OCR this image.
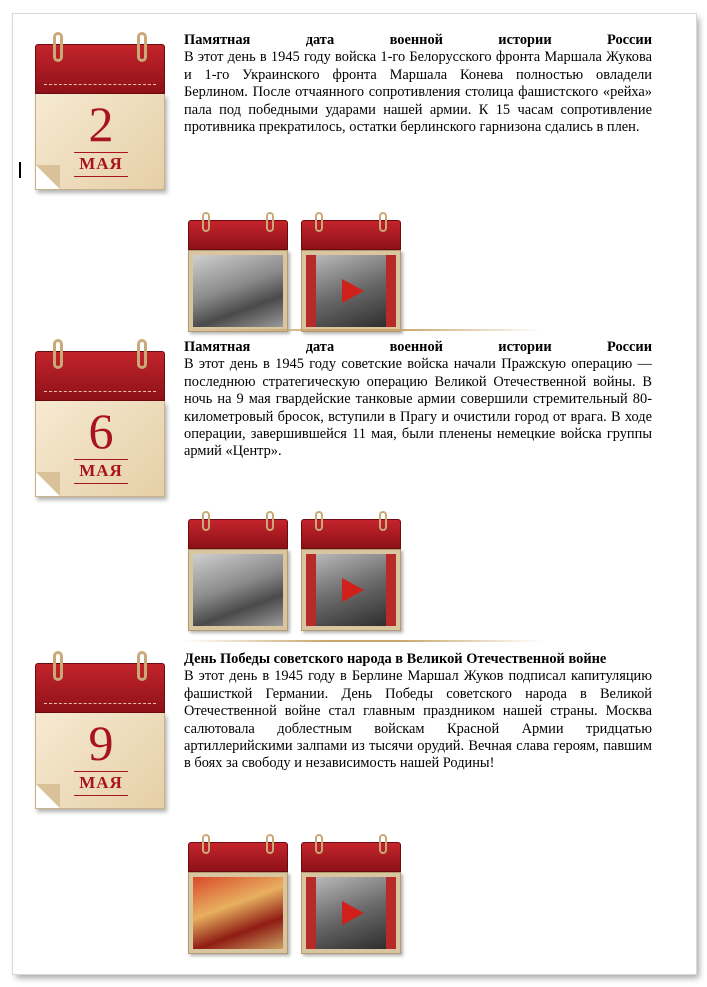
2
МАЯ
Памятная дата военной истории России
В этот день в 1945 году войска 1-го Белорусского фронта Маршала Жукова и 1-го Украинского фронта Маршала Конева полностью овладели Берлином. После отчаянного сопротивления столица фашистского «рейха» пала под победными ударами нашей армии. К 15 часам сопротивление противника прекратилось, остатки берлинского гарнизона сдались в плен.
6
МАЯ
Памятная дата военной истории России
В этот день в 1945 году советские войска начали Пражскую операцию — последнюю стратегическую операцию Великой Отечественной войны. В ночь на 9 мая гвардейские танковые армии совершили стремительный 80-километровый бросок, вступили в Прагу и очистили город от врага. В ходе операции, завершившейся 11 мая, были пленены немецкие войска группы армий «Центр».
9
МАЯ
День Победы советского народа в Великой Отечественной войне
В этот день в 1945 году в Берлине Маршал Жуков подписал капитуляцию фашисткой Германии. День Победы советского народа в Великой Отечественной войне стал главным праздником нашей страны. Москва салютовала доблестным войскам Красной Армии тридцатью артиллерийскими залпами из тысячи орудий. Вечная слава героям, павшим в боях за свободу и независимость нашей Родины!
